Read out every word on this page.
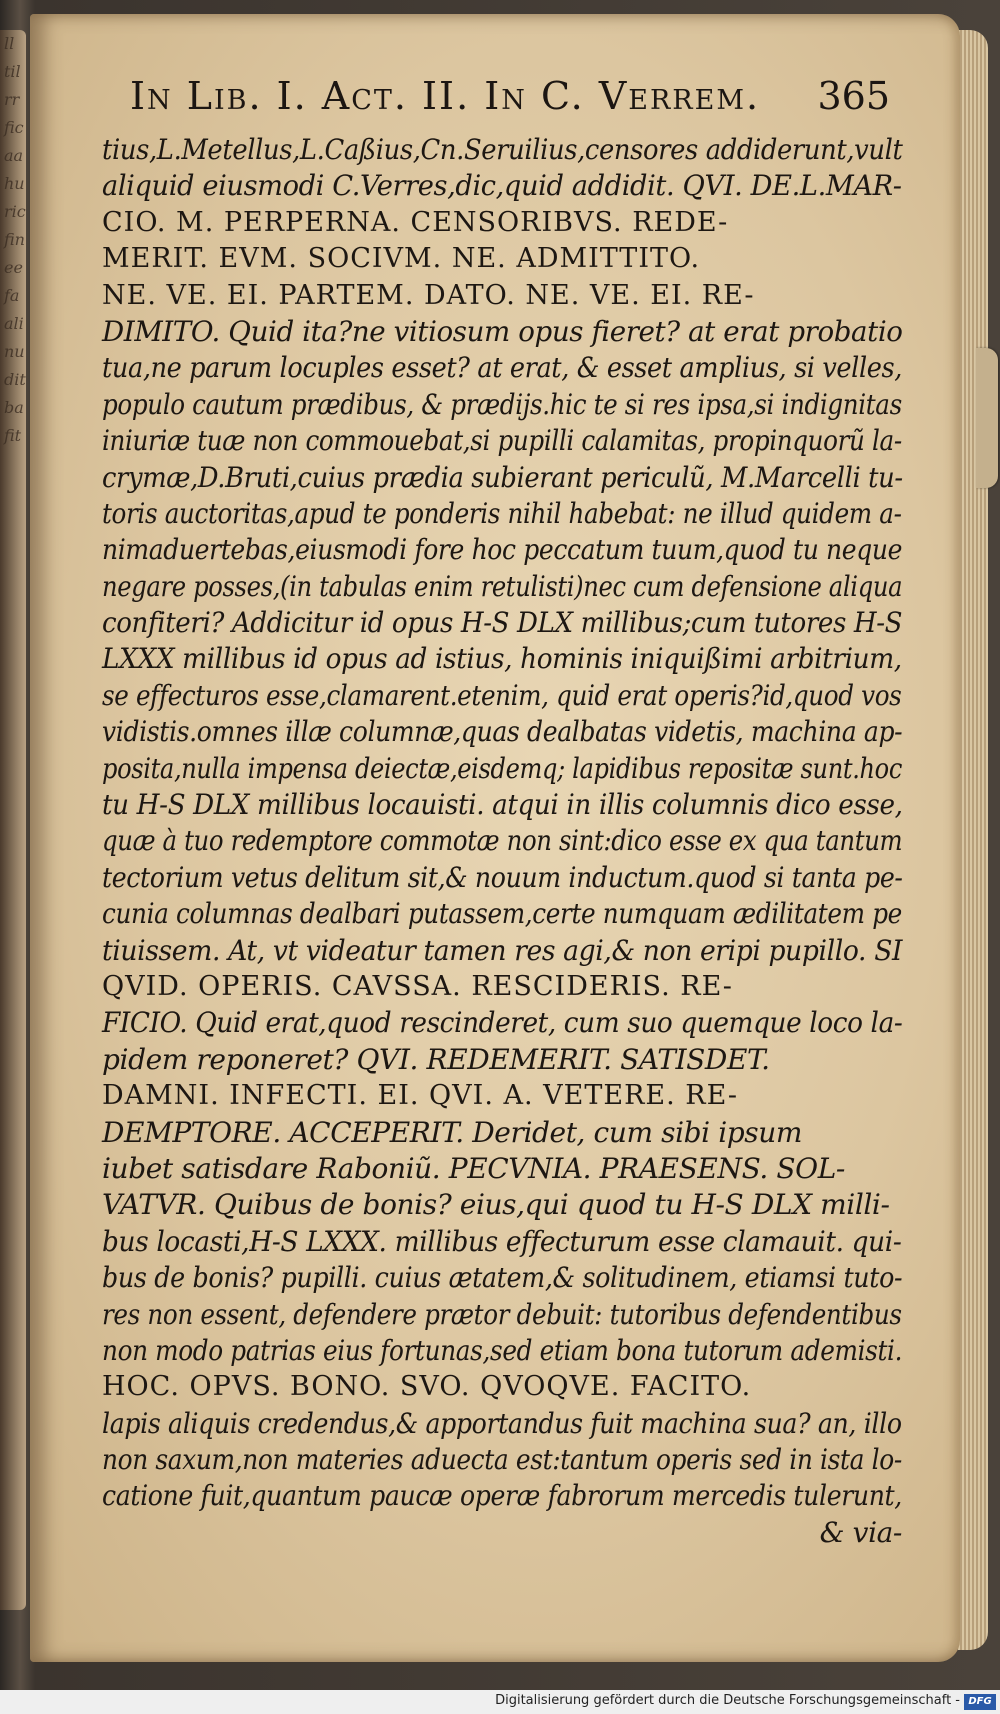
ll
til
rr
fic
aa
hu
ric
fin
ee
fa
ali
nu
dit
ba
fit
In Lib. I. Act. II. In C. Verrem. 365
tius,L.Metellus,L.Caßius,Cn.Seruilius,censores addiderunt,vult
aliquid eiusmodi C.Verres,dic,quid addidit. QVI. DE.L.MAR-
CIO. M. PERPERNA. CENSORIBVS. REDE-
MERIT. EVM. SOCIVM. NE. ADMITTITO.
NE. VE. EI. PARTEM. DATO. NE. VE. EI. RE-
DIMITO. Quid ita?ne vitiosum opus fieret? at erat probatio
tua,ne parum locuples esset? at erat, & esset amplius, si velles,
populo cautum prædibus, & prædijs.hic te si res ipsa,si indignitas
iniuriæ tuæ non commouebat,si pupilli calamitas, propinquorũ la-
crymæ,D.Bruti,cuius prædia subierant periculũ, M.Marcelli tu-
toris auctoritas,apud te ponderis nihil habebat: ne illud quidem a-
nimaduertebas,eiusmodi fore hoc peccatum tuum,quod tu neque
negare posses,(in tabulas enim retulisti)nec cum defensione aliqua
confiteri? Addicitur id opus H-S DLX millibus;cum tutores H-S
LXXX millibus id opus ad istius, hominis iniquißimi arbitrium,
se effecturos esse,clamarent.etenim, quid erat operis?id,quod vos
vidistis.omnes illæ columnæ,quas dealbatas videtis, machina ap-
posita,nulla impensa deiectæ,eisdemq; lapidibus repositæ sunt.hoc
tu H-S DLX millibus locauisti. atqui in illis columnis dico esse,
quæ à tuo redemptore commotæ non sint:dico esse ex qua tantum
tectorium vetus delitum sit,& nouum inductum.quod si tanta pe-
cunia columnas dealbari putassem,certe numquam ædilitatem pe
tiuissem. At, vt videatur tamen res agi,& non eripi pupillo. SI
QVID. OPERIS. CAVSSA. RESCIDERIS. RE-
FICIO. Quid erat,quod rescinderet, cum suo quemque loco la-
pidem reponeret? QVI. REDEMERIT. SATISDET.
DAMNI. INFECTI. EI. QVI. A. VETERE. RE-
DEMPTORE. ACCEPERIT. Deridet, cum sibi ipsum
iubet satisdare Raboniũ. PECVNIA. PRAESENS. SOL-
VATVR. Quibus de bonis? eius,qui quod tu H-S DLX milli-
bus locasti,H-S LXXX. millibus effecturum esse clamauit. qui-
bus de bonis? pupilli. cuius ætatem,& solitudinem, etiamsi tuto-
res non essent, defendere prætor debuit: tutoribus defendentibus
non modo patrias eius fortunas,sed etiam bona tutorum ademisti.
HOC. OPVS. BONO. SVO. QVOQVE. FACITO.
lapis aliquis credendus,& apportandus fuit machina sua? an, illo
non saxum,non materies aduecta est:tantum operis sed in ista lo-
catione fuit,quantum paucæ operæ fabrorum mercedis tulerunt,
& via-
Digitalisierung gefördert durch die Deutsche Forschungsgemeinschaft - DFG
